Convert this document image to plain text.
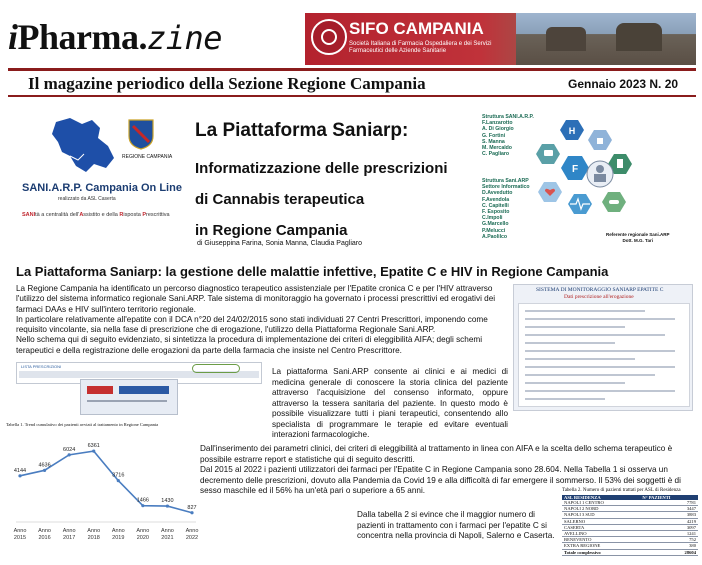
iPharma.zine	SIFO CAMPANIA
Società Italiana di Farmacia Ospedaliera e dei Servizi Farmaceutici delle Aziende Sanitarie
Il magazine periodico della Sezione Regione Campania	Gennaio 2023 N. 20
REGIONE CAMPANIA
SANI.A.R.P. Campania On Line
realizzato da ASL Caserta
SANItà a centralità dell'Assistito e della Risposta Prescrittiva
La Piattaforma Saniarp:
Informatizzazione delle prescrizioni
di Cannabis terapeutica
in Regione Campania
di Giuseppina Farina, Sonia Manna, Claudia Pagliaro
Struttura SANI.A.R.P.
F.Lanzarotto
A. Di Giorgio
G. Fortini
S. Manna
M. Mercaldo
C. Pagliaro
Struttura Sani.ARP
Settore Informatico
D.Avvedutto
F.Avendola
C. Capitelli
F. Esposito
C.Impoli
G.Marcello
P.Melucci
A.Paolilco	Referente regionale Sani.ARP
Dott. M.G. Tari
H
F
La Piattaforma Saniarp: la gestione delle malattie infettive, Epatite C e HIV in Regione Campania

La Regione Campania ha identificato un percorso diagnostico terapeutico assistenziale per l'Epatite cronica C e per l'HIV attraverso l'utilizzo del sistema informatico regionale Sani.ARP. Tale sistema di monitoraggio ha governato i processi prescrittivi ed erogativi dei farmaci DAAs e HIV sull'intero territorio regionale.

In particolare relativamente all'epatite con il DCA n°20 del 24/02/2015 sono stati individuati 27 Centri Prescrittori, imponendo come requisito vincolante, sia nella fase di prescrizione che di erogazione, l'utilizzo della Piattaforma Regionale Sani.ARP.

Nello schema qui di seguito evidenziato, si sintetizza la procedura di implementazione dei criteri di eleggibilità AIFA; degli schemi terapeutici e della registrazione delle erogazioni da parte della farmacia che insiste nel Centro Prescrittore.

SISTEMA DI MONITORAGGIO SANIARP EPATITE C
Dati prescrizione all'erogazione
LISTA PRESCRIZIONI

La piattaforma Sani.ARP consente ai clinici e ai medici di medicina generale di conoscere la storia clinica del paziente attraverso l'acquisizione del consenso informato, oppure attraverso la tessera sanitaria del paziente. In questo modo è possibile visualizzare tutti i piani terapeutici, consentendo allo specialista di programmare le terapie ed evitare eventuali interazioni farmacologiche.

Tabella 1. Trend cumulativo dei pazienti avviati al trattamento in Regione Campania
4144
Anno
2015
4636
Anno
2016
6024
Anno
2017
6361
Anno
2018
3716
Anno
2019
1466
Anno
2020
1430
Anno
2021
827
Anno
2022

Dall'inserimento dei parametri clinici, dei criteri di eleggibilità al trattamento in linea con AIFA e la scelta dello schema terapeutico è possibile estrarre report e statistiche qui di seguito descritti.

Dal 2015 al 2022 i pazienti utilizzatori dei farmaci per l'Epatite C in Regione Campania sono 28.604. Nella Tabella 1 si osserva un decremento delle prescrizioni, dovuto alla Pandemia da Covid 19 e alla difficoltà di far emergere il sommerso. Il 53% dei soggetti è di sesso maschile ed il 56% ha un'età pari o superiore a 65 anni.

Dalla tabella 2 si evince che il maggior numero di pazienti in trattamento con i farmaci per l'epatite C si concentra nella provincia di Napoli, Salerno e Caserta.

Tabella 2. Numero di pazienti trattati per ASL di Residenza
ASL RESIDENZA	N° PAZIENTI
NAPOLI 1 CENTRO	7781
NAPOLI 2 NORD	3447
NAPOLI 3 SUD	3883
SALERNO	4219
CASERTA	3097
AVELLINO	1241
BENEVENTO	752
EXTRA REGIONE	380
Totale complessivo	28604
